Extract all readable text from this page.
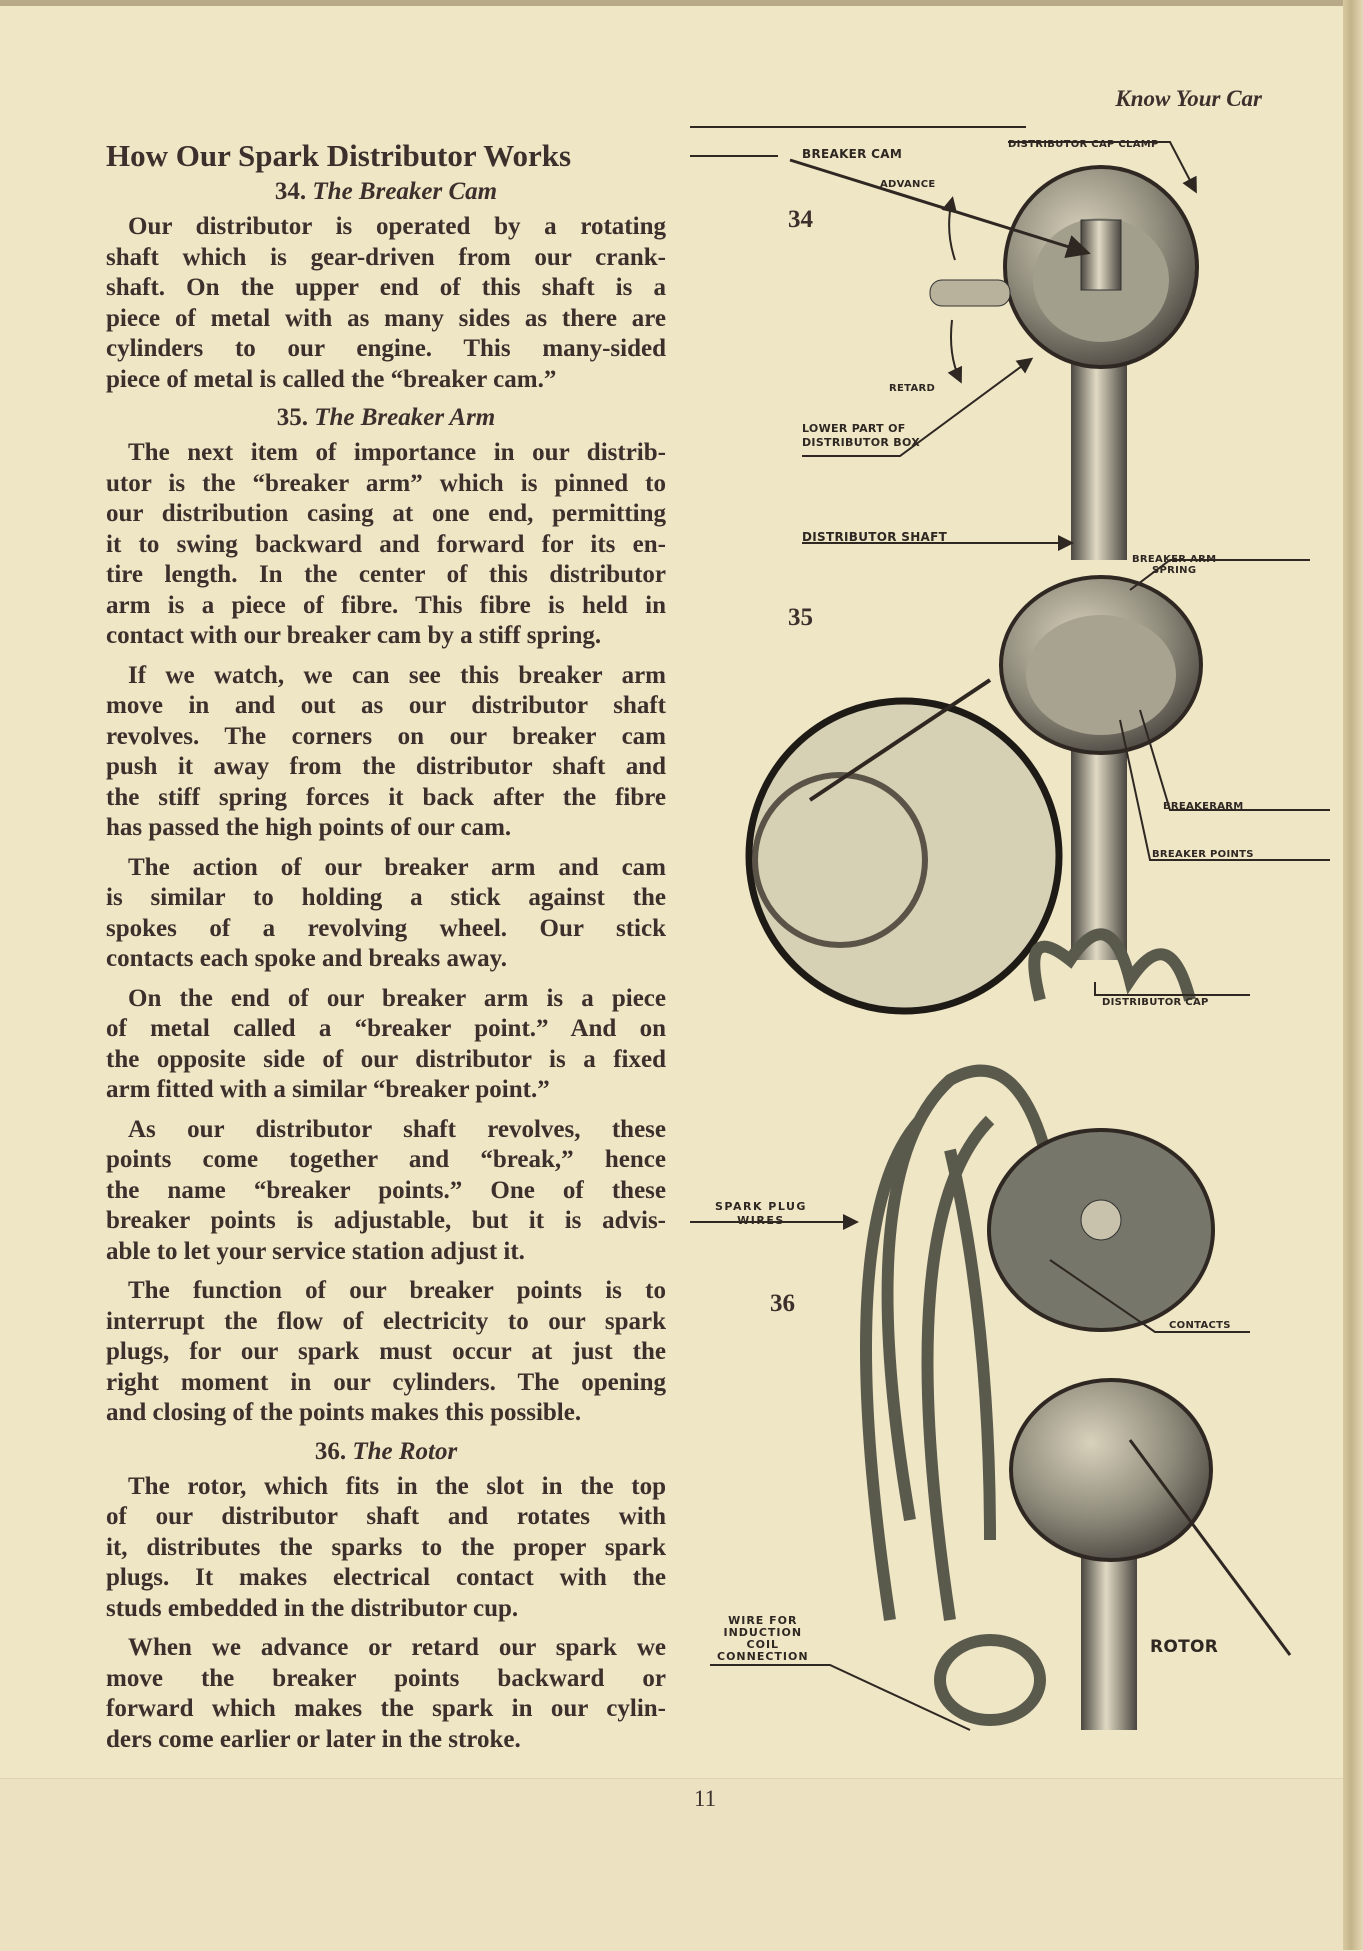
Know Your Car
How Our Spark Distributor Works
34. The Breaker Cam
Our distributor is operated by a rotating
shaft which is gear-driven from our crank-
shaft. On the upper end of this shaft is a
piece of metal with as many sides as there are
cylinders to our engine. This many-sided
piece of metal is called the “breaker cam.”
35. The Breaker Arm
The next item of importance in our distrib-
utor is the “breaker arm” which is pinned to
our distribution casing at one end, permitting
it to swing backward and forward for its en-
tire length. In the center of this distributor
arm is a piece of fibre. This fibre is held in
contact with our breaker cam by a stiff spring.
If we watch, we can see this breaker arm
move in and out as our distributor shaft
revolves. The corners on our breaker cam
push it away from the distributor shaft and
the stiff spring forces it back after the fibre
has passed the high points of our cam.
The action of our breaker arm and cam
is similar to holding a stick against the
spokes of a revolving wheel. Our stick
contacts each spoke and breaks away.
On the end of our breaker arm is a piece
of metal called a “breaker point.” And on
the opposite side of our distributor is a fixed
arm fitted with a similar “breaker point.”
As our distributor shaft revolves, these
points come together and “break,” hence
the name “breaker points.” One of these
breaker points is adjustable, but it is advis-
able to let your service station adjust it.
The function of our breaker points is to
interrupt the flow of electricity to our spark
plugs, for our spark must occur at just the
right moment in our cylinders. The opening
and closing of the points makes this possible.
36. The Rotor
The rotor, which fits in the slot in the top
of our distributor shaft and rotates with
it, distributes the sparks to the proper spark
plugs. It makes electrical contact with the
studs embedded in the distributor cup.
When we advance or retard our spark we
move the breaker points backward or
forward which makes the spark in our cylin-
ders come earlier or later in the stroke.
34
35
36
BREAKER CAM
DISTRIBUTOR CAP CLAMP
ADVANCE
RETARD
LOWER PART OF
DISTRIBUTOR BOX
DISTRIBUTOR SHAFT
BREAKER ARM
SPRING
BREAKERARM
BREAKER POINTS
DISTRIBUTOR CAP
SPARK PLUG
WIRES
CONTACTS
WIRE FOR
INDUCTION
COIL
CONNECTION	ROTOR
11
